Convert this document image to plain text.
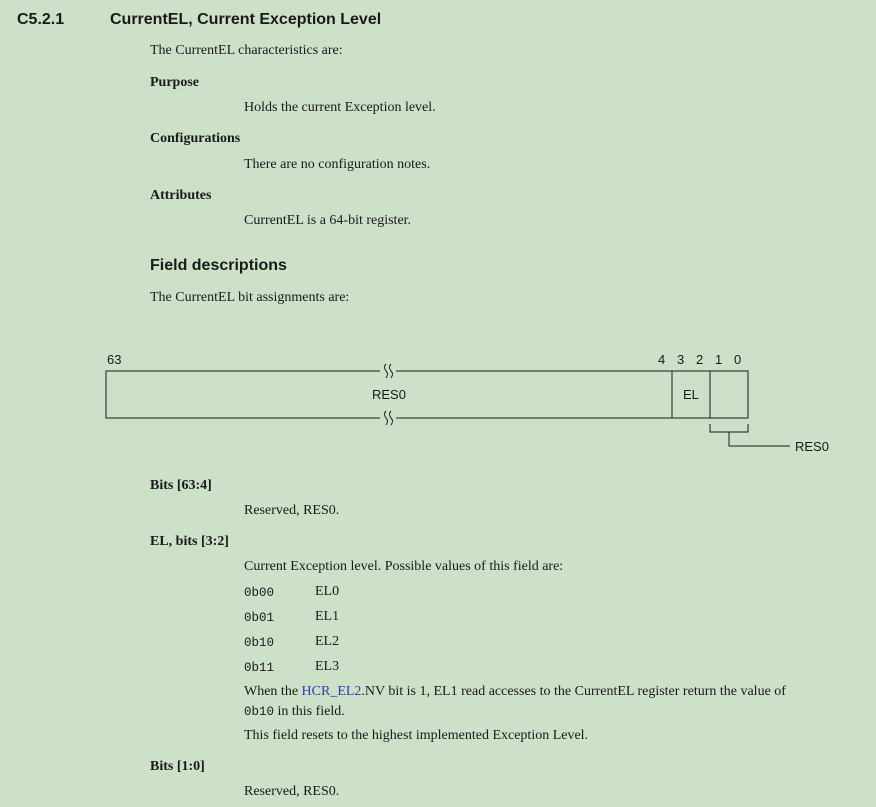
C5.2.1	CurrentEL, Current Exception Level
The CurrentEL characteristics are:
Purpose
Holds the current Exception level.
Configurations
There are no configuration notes.
Attributes
CurrentEL is a 64-bit register.
Field descriptions
The CurrentEL bit assignments are:
63	4 3 2 1 0
RES0	EL
RES0
Bits [63:4]
Reserved, RES0.
EL, bits [3:2]
Current Exception level. Possible values of this field are:
0b00	EL0
0b01	EL1
0b10	EL2
0b11	EL3
When the HCR_EL2.NV bit is 1, EL1 read accesses to the CurrentEL register return the value of
0b10 in this field.
This field resets to the highest implemented Exception Level.
Bits [1:0]
Reserved, RES0.
